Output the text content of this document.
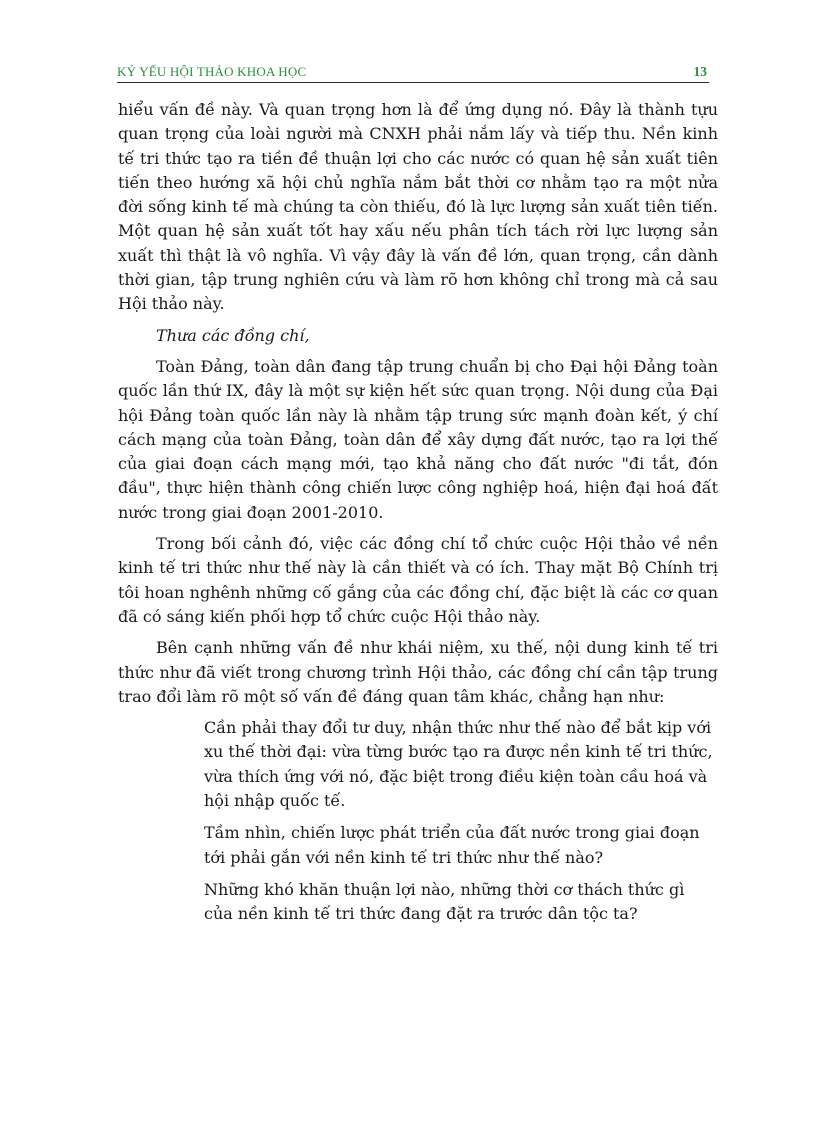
KỶ YẾU HỘI THẢO KHOA HỌC	13

hiểu vấn đề này. Và quan trọng hơn là để ứng dụng nó. Đây là thành tựu quan trọng của loài người mà CNXH phải nắm lấy và tiếp thu. Nền kinh tế tri thức tạo ra tiền đề thuận lợi cho các nước có quan hệ sản xuất tiên tiến theo hướng xã hội chủ nghĩa nắm bắt thời cơ nhằm tạo ra một nửa đời sống kinh tế mà chúng ta còn thiếu, đó là lực lượng sản xuất tiên tiến. Một quan hệ sản xuất tốt hay xấu nếu phân tích tách rời lực lượng sản xuất thì thật là vô nghĩa. Vì vậy đây là vấn đề lớn, quan trọng, cần dành thời gian, tập trung nghiên cứu và làm rõ hơn không chỉ trong mà cả sau Hội thảo này.

Thưa các đồng chí,

Toàn Đảng, toàn dân đang tập trung chuẩn bị cho Đại hội Đảng toàn quốc lần thứ IX, đây là một sự kiện hết sức quan trọng. Nội dung của Đại hội Đảng toàn quốc lần này là nhằm tập trung sức mạnh đoàn kết, ý chí cách mạng của toàn Đảng, toàn dân để xây dựng đất nước, tạo ra lợi thế của giai đoạn cách mạng mới, tạo khả năng cho đất nước "đi tắt, đón đầu", thực hiện thành công chiến lược công nghiệp hoá, hiện đại hoá đất nước trong giai đoạn 2001-2010.

Trong bối cảnh đó, việc các đồng chí tổ chức cuộc Hội thảo về nền kinh tế tri thức như thế này là cần thiết và có ích. Thay mặt Bộ Chính trị tôi hoan nghênh những cố gắng của các đồng chí, đặc biệt là các cơ quan đã có sáng kiến phối hợp tổ chức cuộc Hội thảo này.

Bên cạnh những vấn đề như khái niệm, xu thế, nội dung kinh tế tri thức như đã viết trong chương trình Hội thảo, các đồng chí cần tập trung trao đổi làm rõ một số vấn đề đáng quan tâm khác, chẳng hạn như:

Cần phải thay đổi tư duy, nhận thức như thế nào để bắt kịp với xu thế thời đại: vừa từng bước tạo ra được nền kinh tế tri thức, vừa thích ứng với nó, đặc biệt trong điều kiện toàn cầu hoá và hội nhập quốc tế.

Tầm nhìn, chiến lược phát triển của đất nước trong giai đoạn tới phải gắn với nền kinh tế tri thức như thế nào?

Những khó khăn thuận lợi nào, những thời cơ thách thức gì của nền kinh tế tri thức đang đặt ra trước dân tộc ta?
